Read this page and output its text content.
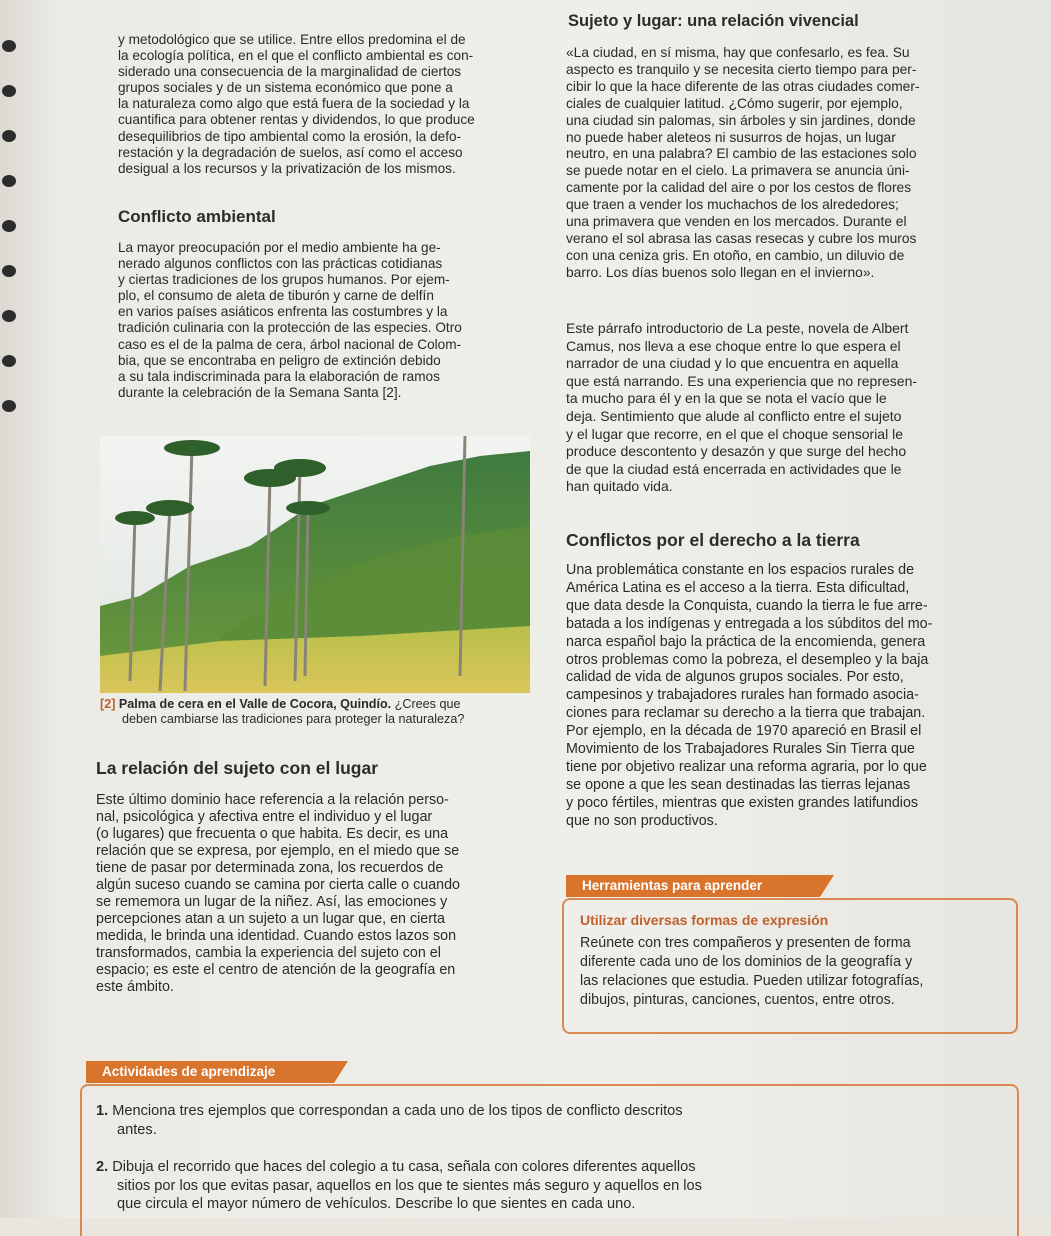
y metodológico que se utilice. Entre ellos predomina el de

la ecología política, en el que el conflicto ambiental es con-

siderado una consecuencia de la marginalidad de ciertos

grupos sociales y de un sistema económico que pone a

la naturaleza como algo que está fuera de la sociedad y la

cuantifica para obtener rentas y dividendos, lo que produce

desequilibrios de tipo ambiental como la erosión, la defo-

restación y la degradación de suelos, así como el acceso

desigual a los recursos y la privatización de los mismos.

Conflicto ambiental

La mayor preocupación por el medio ambiente ha ge-

nerado algunos conflictos con las prácticas cotidianas

y ciertas tradiciones de los grupos humanos. Por ejem-

plo, el consumo de aleta de tiburón y carne de delfín

en varios países asiáticos enfrenta las costumbres y la

tradición culinaria con la protección de las especies. Otro

caso es el de la palma de cera, árbol nacional de Colom-

bia, que se encontraba en peligro de extinción debido

a su tala indiscriminada para la elaboración de ramos

durante la celebración de la Semana Santa [2].

[2] Palma de cera en el Valle de Cocora, Quindío. ¿Crees que
deben cambiarse las tradiciones para proteger la naturaleza?
La relación del sujeto con el lugar

Este último dominio hace referencia a la relación perso-

nal, psicológica y afectiva entre el individuo y el lugar

(o lugares) que frecuenta o que habita. Es decir, es una

relación que se expresa, por ejemplo, en el miedo que se

tiene de pasar por determinada zona, los recuerdos de

algún suceso cuando se camina por cierta calle o cuando

se rememora un lugar de la niñez. Así, las emociones y

percepciones atan a un sujeto a un lugar que, en cierta

medida, le brinda una identidad. Cuando estos lazos son

transformados, cambia la experiencia del sujeto con el

espacio; es este el centro de atención de la geografía en

este ámbito.

Sujeto y lugar: una relación vivencial

«La ciudad, en sí misma, hay que confesarlo, es fea. Su

aspecto es tranquilo y se necesita cierto tiempo para per-

cibir lo que la hace diferente de las otras ciudades comer-

ciales de cualquier latitud. ¿Cómo sugerir, por ejemplo,

una ciudad sin palomas, sin árboles y sin jardines, donde

no puede haber aleteos ni susurros de hojas, un lugar

neutro, en una palabra? El cambio de las estaciones solo

se puede notar en el cielo. La primavera se anuncia úni-

camente por la calidad del aire o por los cestos de flores

que traen a vender los muchachos de los alrededores;

una primavera que venden en los mercados. Durante el

verano el sol abrasa las casas resecas y cubre los muros

con una ceniza gris. En otoño, en cambio, un diluvio de

barro. Los días buenos solo llegan en el invierno».

Este párrafo introductorio de La peste, novela de Albert

Camus, nos lleva a ese choque entre lo que espera el

narrador de una ciudad y lo que encuentra en aquella

que está narrando. Es una experiencia que no represen-

ta mucho para él y en la que se nota el vacío que le

deja. Sentimiento que alude al conflicto entre el sujeto

y el lugar que recorre, en el que el choque sensorial le

produce descontento y desazón y que surge del hecho

de que la ciudad está encerrada en actividades que le

han quitado vida.

Conflictos por el derecho a la tierra

Una problemática constante en los espacios rurales de

América Latina es el acceso a la tierra. Esta dificultad,

que data desde la Conquista, cuando la tierra le fue arre-

batada a los indígenas y entregada a los súbditos del mo-

narca español bajo la práctica de la encomienda, genera

otros problemas como la pobreza, el desempleo y la baja

calidad de vida de algunos grupos sociales. Por esto,

campesinos y trabajadores rurales han formado asocia-

ciones para reclamar su derecho a la tierra que trabajan.

Por ejemplo, en la década de 1970 apareció en Brasil el

Movimiento de los Trabajadores Rurales Sin Tierra que

tiene por objetivo realizar una reforma agraria, por lo que

se opone a que les sean destinadas las tierras lejanas

y poco fértiles, mientras que existen grandes latifundios

que no son productivos.

Herramientas para aprender
Utilizar diversas formas de expresión

Reúnete con tres compañeros y presenten de forma

diferente cada uno de los dominios de la geografía y

las relaciones que estudia. Pueden utilizar fotografías,

dibujos, pinturas, canciones, cuentos, entre otros.

Actividades de aprendizaje
1. Menciona tres ejemplos que correspondan a cada uno de los tipos de conflicto descritos
antes.
2. Dibuja el recorrido que haces del colegio a tu casa, señala con colores diferentes aquellos
sitios por los que evitas pasar, aquellos en los que te sientes más seguro y aquellos en los
que circula el mayor número de vehículos. Describe lo que sientes en cada uno.
